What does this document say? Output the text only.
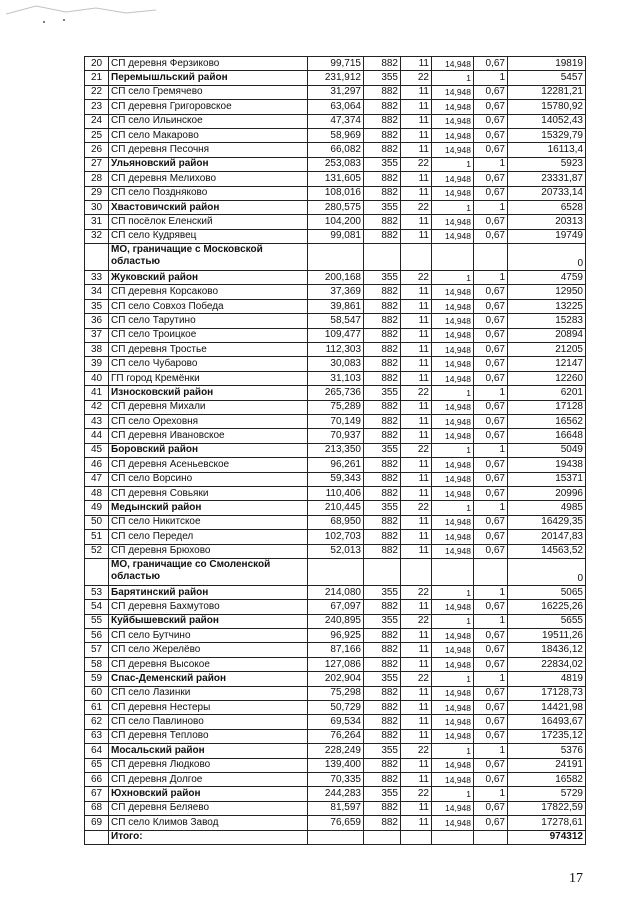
20	СП деревня Ферзиково	99,715	882	11	14,948	0,67	19819
21	Перемышльский район	231,912	355	22	1	1	5457
22	СП село Гремячево	31,297	882	11	14,948	0,67	12281,21
23	СП деревня Григоровское	63,064	882	11	14,948	0,67	15780,92
24	СП село Ильинское	47,374	882	11	14,948	0,67	14052,43
25	СП село Макарово	58,969	882	11	14,948	0,67	15329,79
26	СП деревня Песочня	66,082	882	11	14,948	0,67	16113,4
27	Ульяновский район	253,083	355	22	1	1	5923
28	СП деревня Мелихово	131,605	882	11	14,948	0,67	23331,87
29	СП село Поздняково	108,016	882	11	14,948	0,67	20733,14
30	Хвастовичский район	280,575	355	22	1	1	6528
31	СП посёлок Еленский	104,200	882	11	14,948	0,67	20313
32	СП село Кудрявец	99,081	882	11	14,948	0,67	19749
	МО, граничащие с Московской областью						0
33	Жуковский район	200,168	355	22	1	1	4759
34	СП деревня Корсаково	37,369	882	11	14,948	0,67	12950
35	СП село Совхоз Победа	39,861	882	11	14,948	0,67	13225
36	СП село Тарутино	58,547	882	11	14,948	0,67	15283
37	СП село Троицкое	109,477	882	11	14,948	0,67	20894
38	СП деревня Тростье	112,303	882	11	14,948	0,67	21205
39	СП село Чубарово	30,083	882	11	14,948	0,67	12147
40	ГП город Кремёнки	31,103	882	11	14,948	0,67	12260
41	Износковский район	265,736	355	22	1	1	6201
42	СП деревня Михали	75,289	882	11	14,948	0,67	17128
43	СП село Ореховня	70,149	882	11	14,948	0,67	16562
44	СП деревня Ивановское	70,937	882	11	14,948	0,67	16648
45	Боровский район	213,350	355	22	1	1	5049
46	СП деревня Асеньевское	96,261	882	11	14,948	0,67	19438
47	СП село Ворсино	59,343	882	11	14,948	0,67	15371
48	СП деревня Совьяки	110,406	882	11	14,948	0,67	20996
49	Медынский район	210,445	355	22	1	1	4985
50	СП село Никитское	68,950	882	11	14,948	0,67	16429,35
51	СП село Передел	102,703	882	11	14,948	0,67	20147,83
52	СП деревня Брюхово	52,013	882	11	14,948	0,67	14563,52
	МО, граничащие со Смоленской областью						0
53	Барятинский район	214,080	355	22	1	1	5065
54	СП деревня Бахмутово	67,097	882	11	14,948	0,67	16225,26
55	Куйбышевский район	240,895	355	22	1	1	5655
56	СП село Бутчино	96,925	882	11	14,948	0,67	19511,26
57	СП село Жерелёво	87,166	882	11	14,948	0,67	18436,12
58	СП деревня Высокое	127,086	882	11	14,948	0,67	22834,02
59	Спас-Деменский район	202,904	355	22	1	1	4819
60	СП село Лазинки	75,298	882	11	14,948	0,67	17128,73
61	СП деревня Нестеры	50,729	882	11	14,948	0,67	14421,98
62	СП село Павлиново	69,534	882	11	14,948	0,67	16493,67
63	СП деревня Теплово	76,264	882	11	14,948	0,67	17235,12
64	Мосальский район	228,249	355	22	1	1	5376
65	СП деревня Людково	139,400	882	11	14,948	0,67	24191
66	СП деревня Долгое	70,335	882	11	14,948	0,67	16582
67	Юхновский район	244,283	355	22	1	1	5729
68	СП деревня Беляево	81,597	882	11	14,948	0,67	17822,59
69	СП село Климов Завод	76,659	882	11	14,948	0,67	17278,61
	Итого:						974312
17
